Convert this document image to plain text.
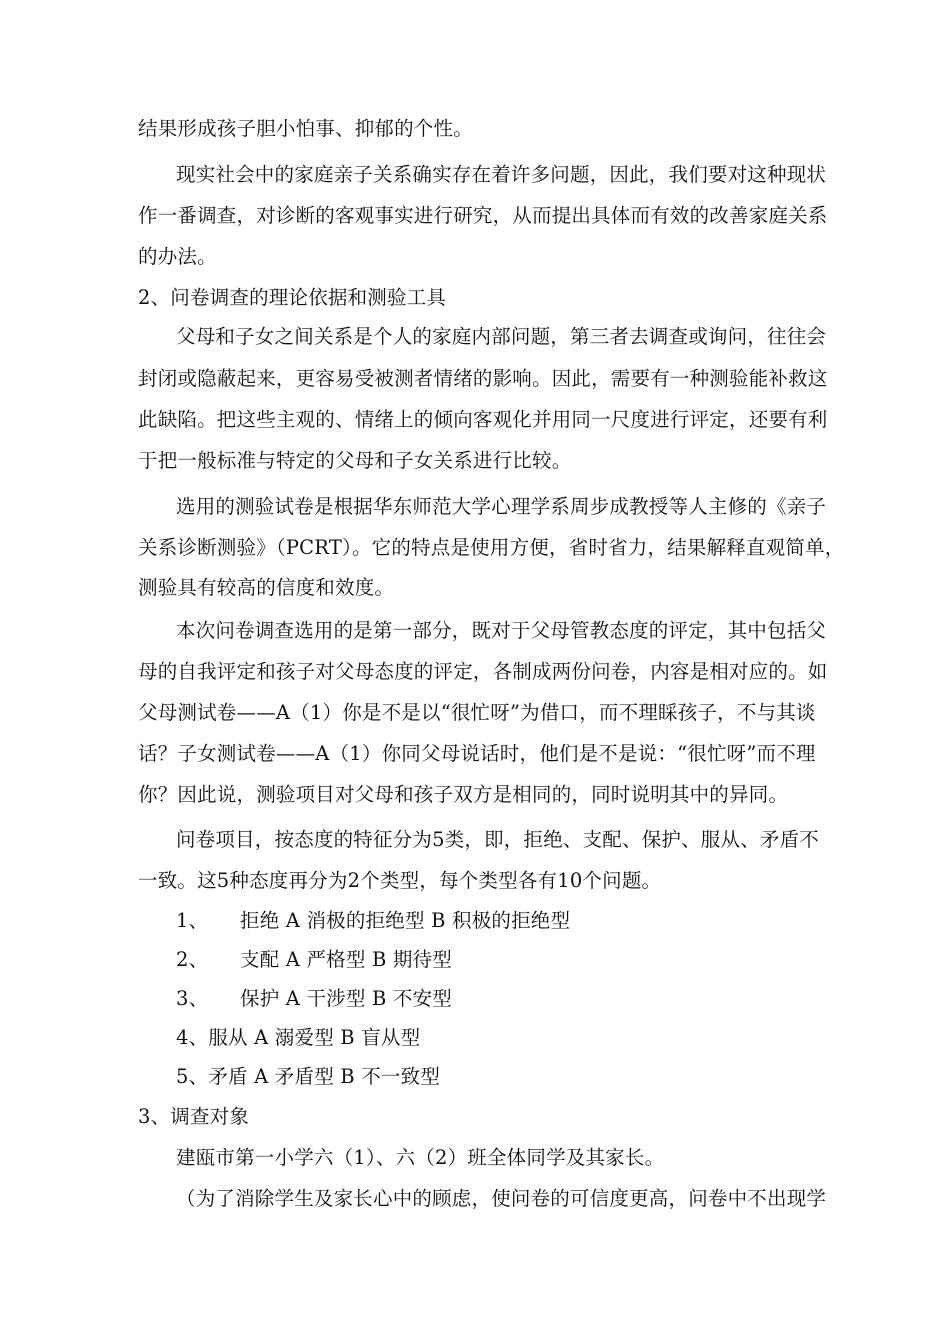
结果形成孩子胆小怕事、抑郁的个性。
现实社会中的家庭亲子关系确实存在着许多问题，因此，我们要对这种现状
作一番调查，对诊断的客观事实进行研究，从而提出具体而有效的改善家庭关系
的办法。
2、问卷调查的理论依据和测验工具
父母和子女之间关系是个人的家庭内部问题，第三者去调查或询问，往往会
封闭或隐蔽起来，更容易受被测者情绪的影响。因此，需要有一种测验能补救这
此缺陷。把这些主观的、情绪上的倾向客观化并用同一尺度进行评定，还要有利
于把一般标准与特定的父母和子女关系进行比较。
选用的测验试卷是根据华东师范大学心理学系周步成教授等人主修的《亲子
关系诊断测验》（PCRT）。它的特点是使用方便，省时省力，结果解释直观简单，
测验具有较高的信度和效度。
本次问卷调查选用的是第一部分，既对于父母管教态度的评定，其中包括父
母的自我评定和孩子对父母态度的评定，各制成两份问卷，内容是相对应的。如
父母测试卷——A（1）你是不是以“很忙呀”为借口，而不理睬孩子，不与其谈
话？子女测试卷——A（1）你同父母说话时，他们是不是说：“很忙呀”而不理
你？因此说，测验项目对父母和孩子双方是相同的，同时说明其中的异同。
问卷项目，按态度的特征分为5类，即，拒绝、支配、保护、服从、矛盾不
一致。这5种态度再分为2个类型，每个类型各有10个问题。
1、 拒绝 A 消极的拒绝型 B 积极的拒绝型
2、 支配 A 严格型 B 期待型
3、 保护 A 干涉型 B 不安型
4、服从 A 溺爱型 B 盲从型
5、矛盾 A 矛盾型 B 不一致型
3、调查对象
建瓯市第一小学六（1）、六（2）班全体同学及其家长。
（为了消除学生及家长心中的顾虑，使问卷的可信度更高，问卷中不出现学
